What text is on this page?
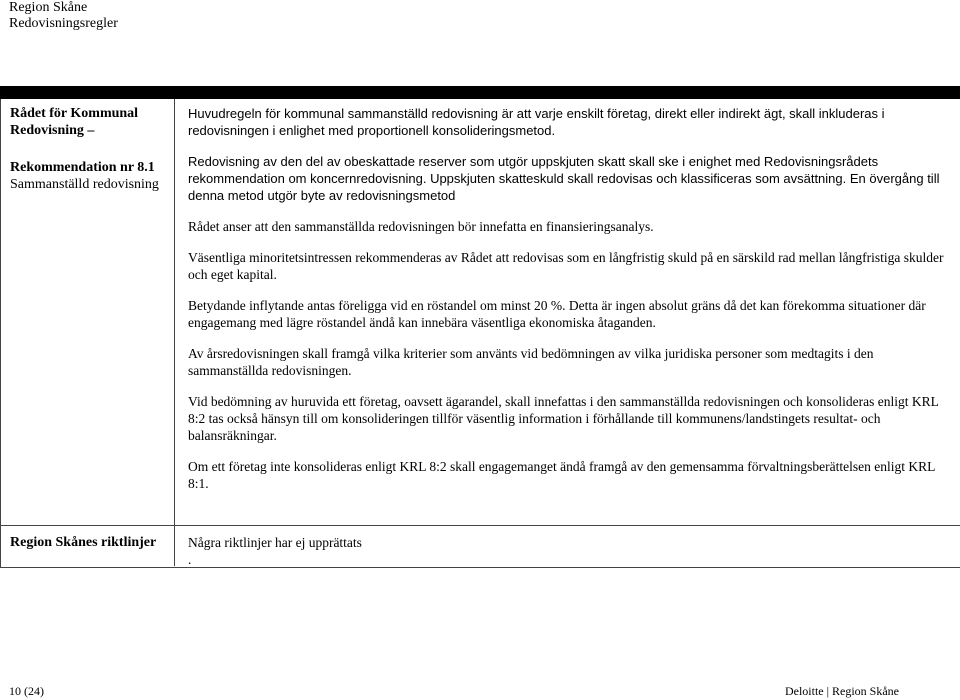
Region Skåne
Redovisningsregler
Rådet för Kommunal Redovisning –
Rekommendation nr 8.1
Sammanställd redovisning

Huvudregeln för kommunal sammanställd redovisning är att varje enskilt företag, direkt eller indirekt ägt, skall inkluderas i redovisningen i enlighet med proportionell konsolideringsmetod.

Redovisning av den del av obeskattade reserver som utgör uppskjuten skatt skall ske i enighet med Redovisningsrådets rekommendation om koncernredovisning. Uppskjuten skatteskuld skall redovisas och klassificeras som avsättning. En övergång till denna metod utgör byte av redovisningsmetod

Rådet anser att den sammanställda redovisningen bör innefatta en finansieringsanalys.

Väsentliga minoritetsintressen rekommenderas av Rådet att redovisas som en långfristig skuld på en särskild rad mellan långfristiga skulder och eget kapital.

Betydande inflytande antas föreligga vid en röstandel om minst 20 %. Detta är ingen absolut gräns då det kan förekomma situationer där engagemang med lägre röstandel ändå kan innebära väsentliga ekonomiska åtaganden.

Av årsredovisningen skall framgå vilka kriterier som använts vid bedömningen av vilka juridiska personer som medtagits i den sammanställda redovisningen.

Vid bedömning av huruvida ett företag, oavsett ägarandel, skall innefattas i den sammanställda redovisningen och konsolideras enligt KRL 8:2 tas också hänsyn till om konsolideringen tillför väsentlig information i förhållande till kommunens/landstingets resultat- och balansräkningar.

Om ett företag inte konsolideras enligt KRL 8:2 skall engagemanget ändå framgå av den gemensamma förvaltningsberättelsen enligt KRL 8:1.

Region Skånes riktlinjer	Några riktlinjer har ej upprättats
.
10 (24)	Deloitte | Region Skåne
